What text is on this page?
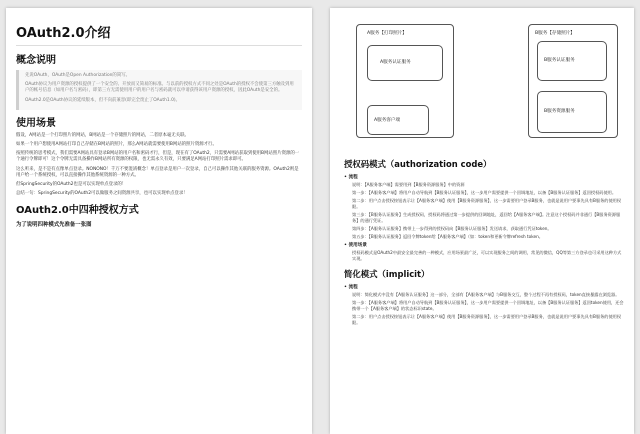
OAuth2.0介绍
概念说明
先说OAuth，OAuth是Open Authorization的简写。
OAuth协议为用户资源的授权提供了一个安全的、开放而又简易的标准。与以前的授权方式不同之处是OAuth的授权不会使第三方触及到用户的帐号信息（如用户名与密码），即第三方无需使用用户的用户名与密码就可以申请获得该用户资源的授权，因此OAuth是安全的。
OAuth2.0是OAuth协议的延续版本，但不向前兼容(即完全废止了OAuth1.0)。
使用场景
假设，A网站是一个打印照片的网站，B网站是一个存储照片的网站，二者原本毫无关联。
如果一个用户想使用A网站打印自己存储在B网站的照片，那么A网站就需要使用B网站的照片资源才行。
按照传统的思考模式，我们需要A网站具有登录B网站的用户名和密码才行，但是，现在有了OAuth2，只需要A网站获取到使用B网站照片资源的一个通行令牌即可！这个令牌无需具备操作B网站所有资源的权限，也无需永久有效，只要满足A网站打印照片需求即可。
这么听来，是不是有点像单点登录。NONONO！千万不要混淆概念！单点登录是用户一次登录，自己可以操作其他关联的服务资源。OAuth2则是用户给一个系统授权，可以直接操作其他系统资源的一种方式。
但SpringSecurity的OAuth2也是可以实现单点登录的！
总结一句：SpringSecurity的OAuth2可以做服务之间资源共享，也可以实现单点登录！
OAuth2.0中四种授权方式
为了说明四种模式先准备一张图
A服务【打印照片】
A服务认证服务
A服务客户端
B服务【存储照片】
B服务认证服务
B服务资源服务
授权码模式（authorization code）
• 流程
说明：【A服务客户端】需要用到【B服务资源服务】中的资源
第一步：【A服务客户端】将用户自动导航到【B服务认证服务】，这一步用户需要提供一个回调地址，以备【B服务认证服务】返回授权码使用。
第二步：用户点击授权按钮表示让【A服务客户端】使用【B服务资源服务】，这一步需要用户登录B服务，也就是说用户要事先具有B服务的使用权限。
第三步：【B服务认证服务】生成授权码，授权码将通过第一步提供的回调地址，返回给【A服务客户端】。注意这个授权码并非通行【B服务资源服务】的通行凭证。
第四步：【A服务认证服务】携带上一步得到的授权码向【B服务认证服务】发送请求，获取通行凭证token。
第五步：【B服务认证服务】返回令牌token给【A服务客户端】（如：token和更新令牌refresh token。
• 使用场景
授权码模式是OAuth2中最安全最完善的一种模式，应用场景最广泛，可以实现服务之间的调用，常见的微信，QQ等第三方登录也可采用这种方式实现。
简化模式（implicit）
• 流程
说明：简化模式中没有【A服务认证服务】这一部分，全部有【A服务客户端】与B服务交互，整个过程不再有授权码，token直接暴露在浏览器。
第一步：【A服务客户端】将用户自动导航到【B服务认证服务】，这一步用户需要提供一个回调地址，以备【B服务认证服务】返回token使用，还会携带一个【A服务客户端】的状态标识state。
第二步：用户点击授权按钮表示让【A服务客户端】使用【B服务资源服务】，这一步需要用户登录B服务，也就是说用户要事先具有B服务的使用权限。
